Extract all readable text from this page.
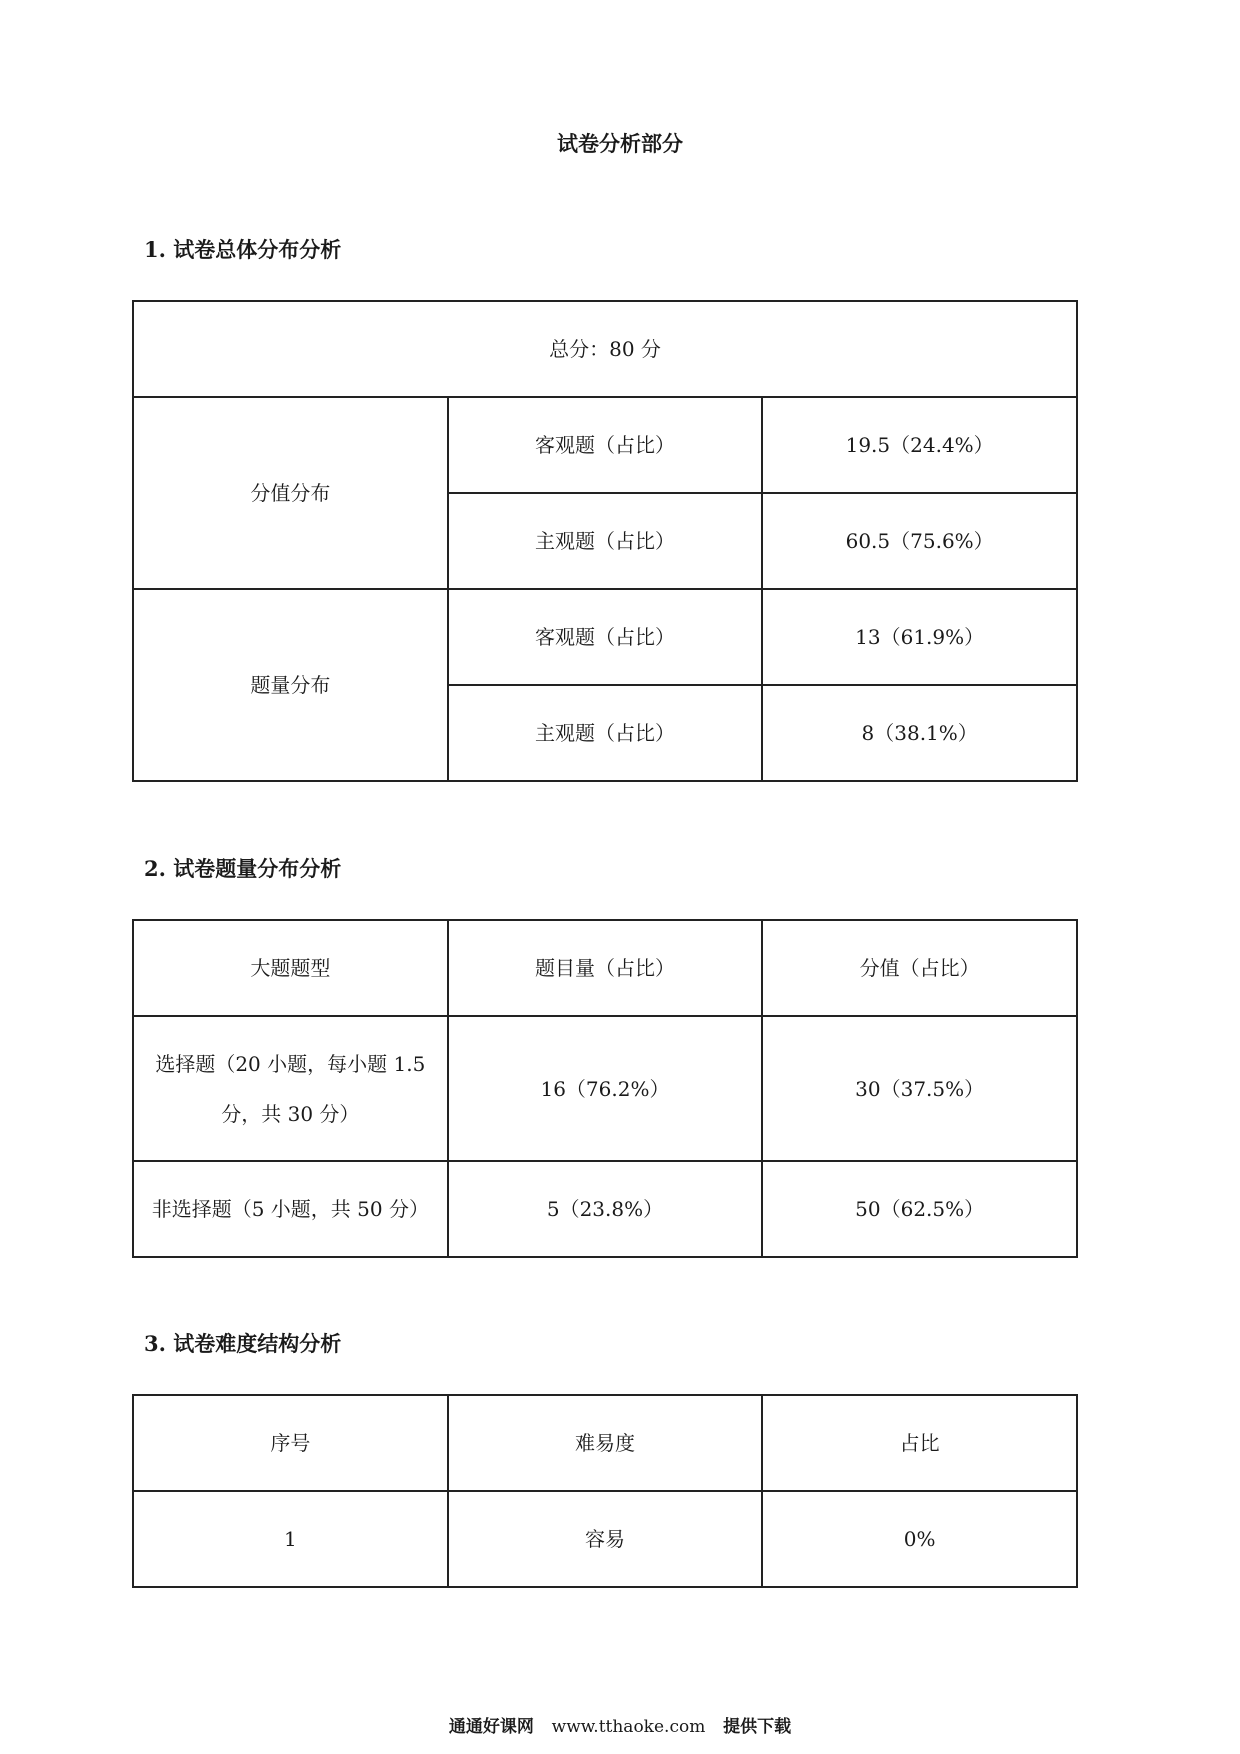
试卷分析部分
1. 试卷总体分布分析
总分：80 分		
分值分布	客观题（占比）	19.5（24.4%）
	主观题（占比）	60.5（75.6%）
题量分布	客观题（占比）	13（61.9%）
	主观题（占比）	8（38.1%）
2. 试卷题量分布分析
大题题型	题目量（占比）	分值（占比）
选择题（20 小题，每小题 1.5 分，共 30 分）	16（76.2%）	30（37.5%）
非选择题（5 小题，共 50 分）	5（23.8%）	50（62.5%）
3. 试卷难度结构分析
序号	难易度	占比
1	容易	0%
通通好课网 www.tthaoke.com 提供下载
